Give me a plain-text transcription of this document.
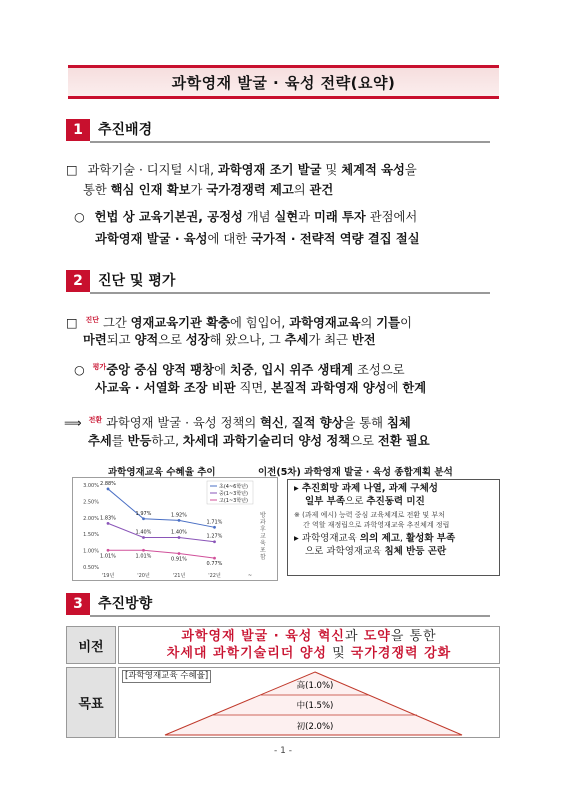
과학영재 발굴 · 육성 전략(요약)
1	추진배경
□ 과학기술 · 디지털 시대, 과학영재 조기 발굴 및 체계적 육성을
통한 핵심 인재 확보가 국가경쟁력 제고의 관건
○ 헌법 상 교육기본권, 공정성 개념 실현과 미래 투자 관점에서
과학영재 발굴 · 육성에 대한 국가적 · 전략적 역량 결집 절실
2	진단 및 평가
□ $^{진단}$ 그간 영재교육기관 확충에 힘입어, 과학영재교육의 기틀이
마련되고 양적으로 성장해 왔으나, 그 추세가 최근 반전
○ $^{평가}$중앙 중심 양적 팽창에 치중, 입시 위주 생태계 조성으로
사교육 · 서열화 조장 비판 직면, 본질적 과학영재 양성에 한계
⟹ $^{전환}$ 과학영재 발굴 · 육성 정책의 혁신, 질적 향상을 통해 침체
추세를 반등하고, 차세대 과학기술리더 양성 정책으로 전환 필요
과학영재교육 수혜율 추이
0.50%
1.00%
1.50%
2.00%
2.50%
3.00%
'19년	'20년	'21년	'22년	~
2.88%
1.97%	1.92%
1.71%
1.83%
1.40%	1.40%
1.27%
1.01%	1.01%
0.91%
0.77%
초(4~6학년)
중(1~3학년)
고(1~3학년)
방과후 교육 포함
이전(5차) 과학영재 발굴 · 육성 종합계획 분석
▸ 추진희망 과제 나열, 과제 구체성
일부 부족으로 추진동력 미진
※ (과제 예시) 능력 중심 교육체계로 전환 및 부처
간 역할 재정립으로 과학영재교육 추진체계 정립
▸ 과학영재교육 의의 제고, 활성화 부족
으로 과학영재교육 침체 반등 곤란
3	추진방향
비전
과학영재 발굴 · 육성 혁신과 도약을 통한
차세대 과학기술리더 양성 및 국가경쟁력 강화
목표
[과학영재교육 수혜율]
高(1.0%)
中(1.5%)
初(2.0%)
- 1 -
